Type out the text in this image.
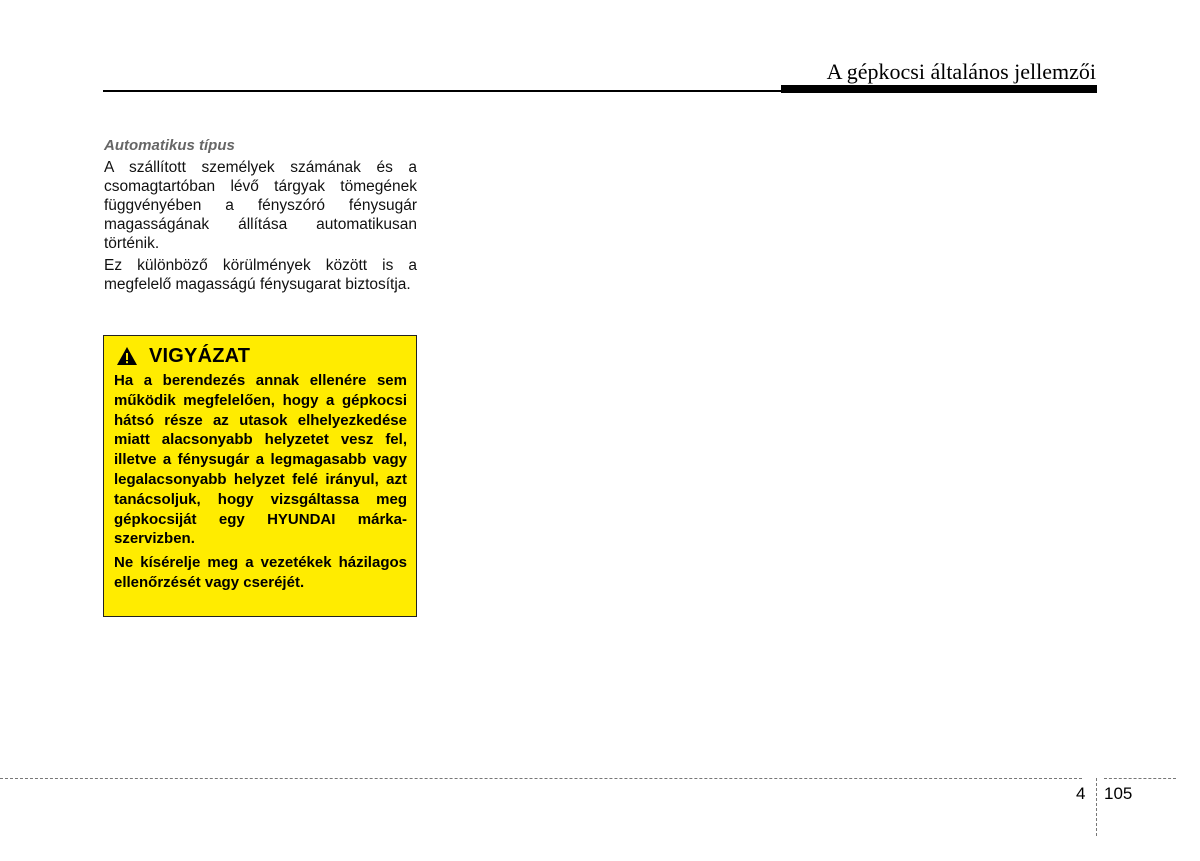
A gépkocsi általános jellemzői
Automatikus típus

A szállított személyek számának és a csomagtartóban lévő tárgyak tömegének függvényében a fényszóró fénysugár magasságának állítása automatikusan történik.

Ez különböző körülmények között is a megfelelő magasságú fénysugarat biztosítja.

VIGYÁZAT

Ha a berendezés annak ellenére sem működik megfelelően, hogy a gépkocsi hátsó része az utasok elhelyezkedése miatt alacsonyabb helyzetet vesz fel, illetve a fénysugár a legmagasabb vagy legalacsonyabb helyzet felé irányul, azt tanácsoljuk, hogy vizsgáltassa meg gépkocsiját egy HYUNDAI márkaszervizben.

Ne kísérelje meg a vezetékek házilagos ellenőrzését vagy cseréjét.

4 105
